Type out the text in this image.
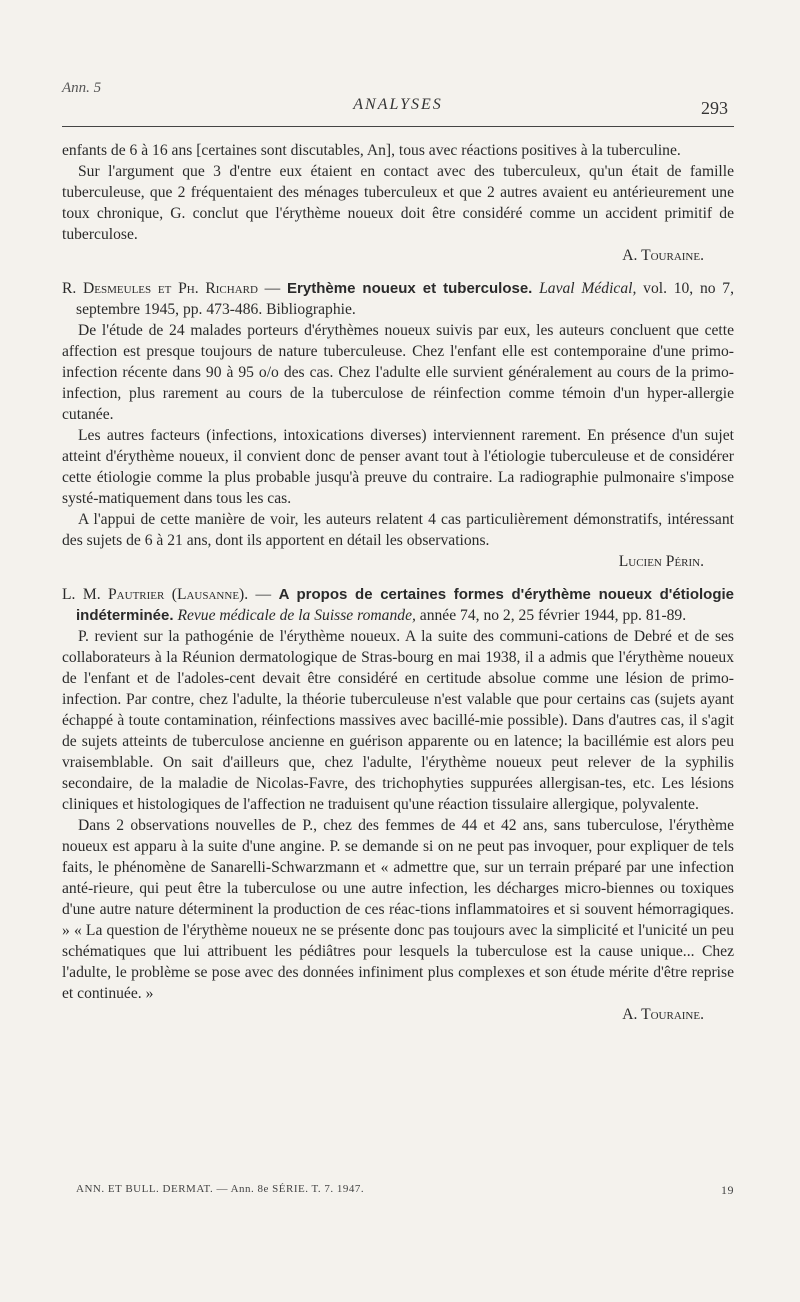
Ann. 5
ANALYSES	293

enfants de 6 à 16 ans [certaines sont discutables, An], tous avec réactions positives à la tuberculine.

Sur l'argument que 3 d'entre eux étaient en contact avec des tuberculeux, qu'un était de famille tuberculeuse, que 2 fréquentaient des ménages tuberculeux et que 2 autres avaient eu antérieurement une toux chronique, G. conclut que l'érythème noueux doit être considéré comme un accident primitif de tuberculose.

A. Touraine.

R. Desmeules et Ph. Richard — Erythème noueux et tuberculose. Laval Médical, vol. 10, no 7, septembre 1945, pp. 473-486. Bibliographie.

De l'étude de 24 malades porteurs d'érythèmes noueux suivis par eux, les auteurs concluent que cette affection est presque toujours de nature tuberculeuse. Chez l'enfant elle est contemporaine d'une primo-infection récente dans 90 à 95 o/o des cas. Chez l'adulte elle survient généralement au cours de la primo-infection, plus rarement au cours de la tuberculose de réinfection comme témoin d'un hyper-allergie cutanée.

Les autres facteurs (infections, intoxications diverses) interviennent rarement. En présence d'un sujet atteint d'érythème noueux, il convient donc de penser avant tout à l'étiologie tuberculeuse et de considérer cette étiologie comme la plus probable jusqu'à preuve du contraire. La radiographie pulmonaire s'impose systé-matiquement dans tous les cas.

A l'appui de cette manière de voir, les auteurs relatent 4 cas particulièrement démonstratifs, intéressant des sujets de 6 à 21 ans, dont ils apportent en détail les observations.

Lucien Périn.

L. M. Pautrier (Lausanne). — A propos de certaines formes d'érythème noueux d'étiologie indéterminée. Revue médicale de la Suisse romande, année 74, no 2, 25 février 1944, pp. 81-89.

P. revient sur la pathogénie de l'érythème noueux. A la suite des communi-cations de Debré et de ses collaborateurs à la Réunion dermatologique de Stras-bourg en mai 1938, il a admis que l'érythème noueux de l'enfant et de l'adoles-cent devait être considéré en certitude absolue comme une lésion de primo-infection. Par contre, chez l'adulte, la théorie tuberculeuse n'est valable que pour certains cas (sujets ayant échappé à toute contamination, réinfections massives avec bacillé-mie possible). Dans d'autres cas, il s'agit de sujets atteints de tuberculose ancienne en guérison apparente ou en latence; la bacillémie est alors peu vraisemblable. On sait d'ailleurs que, chez l'adulte, l'érythème noueux peut relever de la syphilis secondaire, de la maladie de Nicolas-Favre, des trichophyties suppurées allergisan-tes, etc. Les lésions cliniques et histologiques de l'affection ne traduisent qu'une réaction tissulaire allergique, polyvalente.

Dans 2 observations nouvelles de P., chez des femmes de 44 et 42 ans, sans tuberculose, l'érythème noueux est apparu à la suite d'une angine. P. se demande si on ne peut pas invoquer, pour expliquer de tels faits, le phénomène de Sanarelli-Schwarzmann et « admettre que, sur un terrain préparé par une infection anté-rieure, qui peut être la tuberculose ou une autre infection, les décharges micro-biennes ou toxiques d'une autre nature déterminent la production de ces réac-tions inflammatoires et si souvent hémorragiques. » « La question de l'érythème noueux ne se présente donc pas toujours avec la simplicité et l'unicité un peu schématiques que lui attribuent les pédiâtres pour lesquels la tuberculose est la cause unique... Chez l'adulte, le problème se pose avec des données infiniment plus complexes et son étude mérite d'être reprise et continuée. »

A. Touraine.

ANN. ET BULL. DERMAT. — Ann. 8e SÉRIE. T. 7. 1947.	19
